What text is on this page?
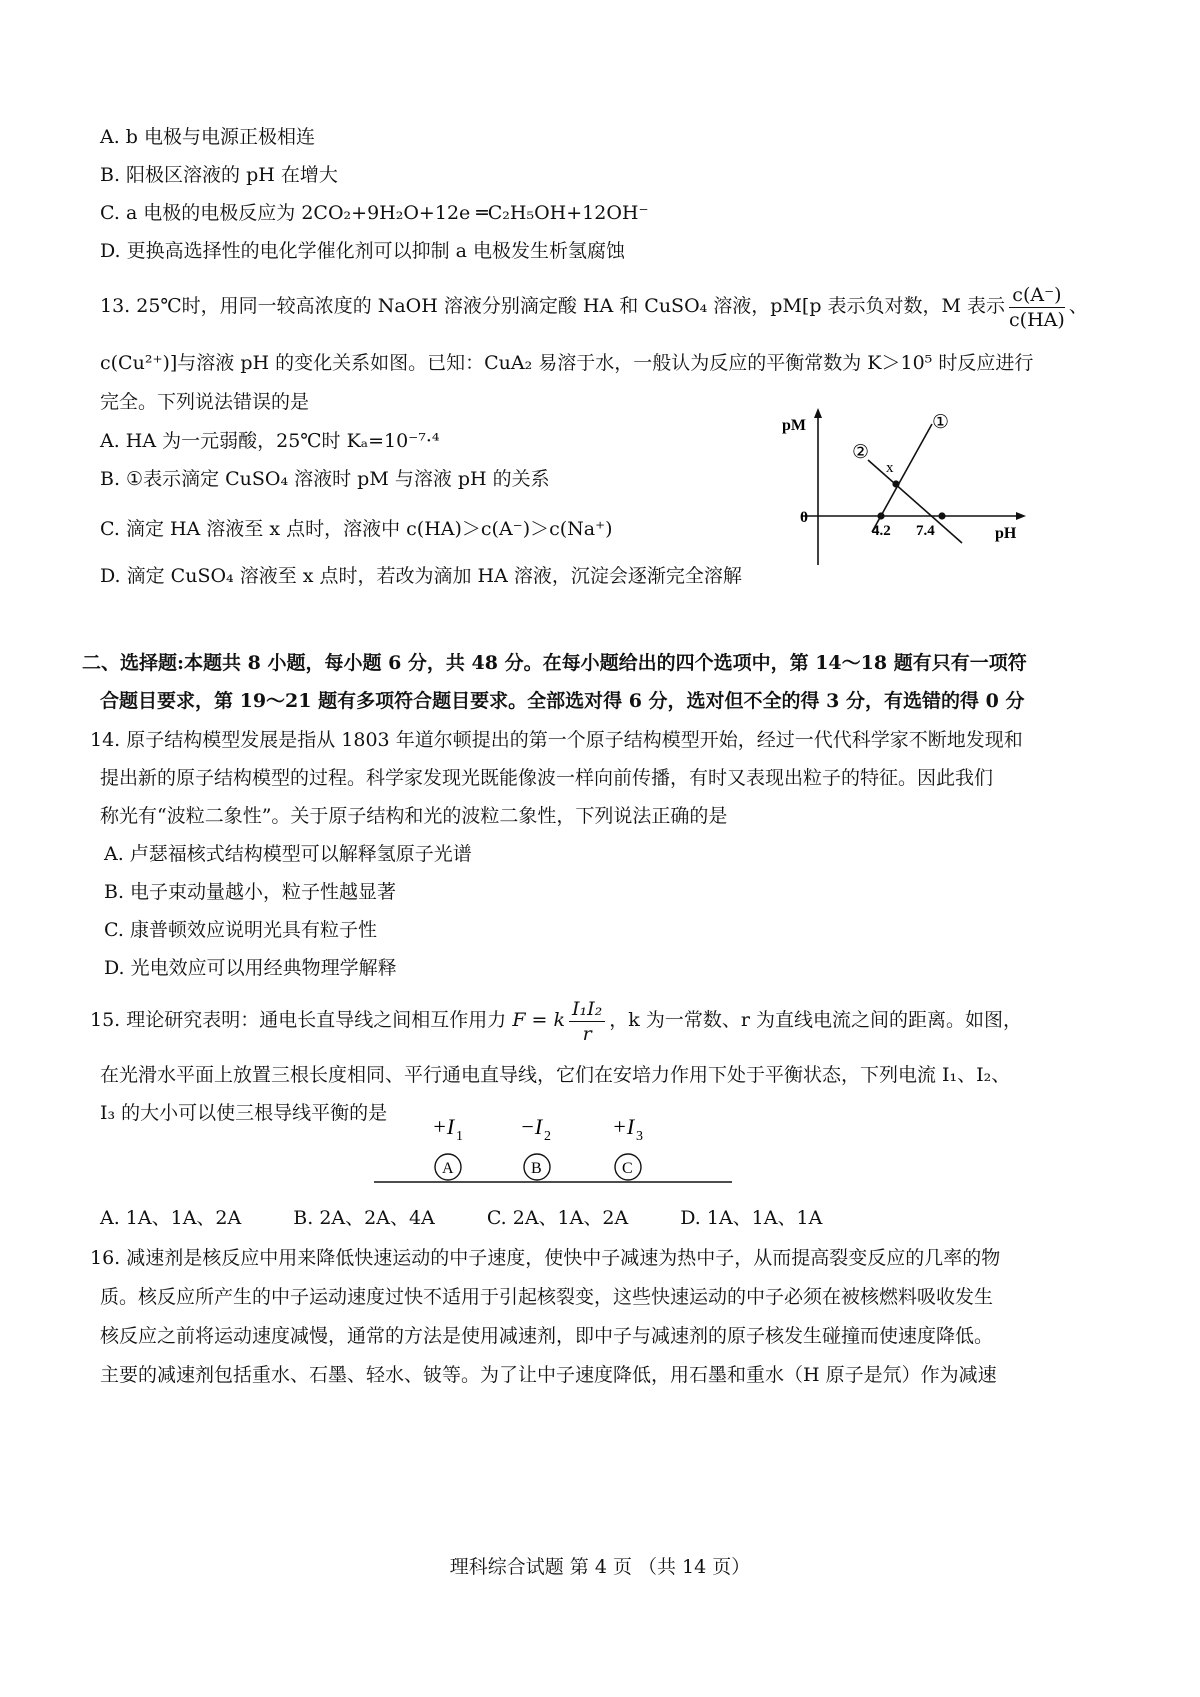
A. b 电极与电源正极相连
B. 阳极区溶液的 pH 在增大
C. a 电极的电极反应为 2CO₂+9H₂O+12e ═C₂H₅OH+12OH⁻
D. 更换高选择性的电化学催化剂可以抑制 a 电极发生析氢腐蚀
13. 25℃时，用同一较高浓度的 NaOH 溶液分别滴定酸 HA 和 CuSO₄ 溶液，pM[p 表示负对数，M 表示 $\frac{c(A^-)}{c(HA)}$ 、
c(Cu²⁺)]与溶液 pH 的变化关系如图。已知：CuA₂ 易溶于水，一般认为反应的平衡常数为 K＞10⁵ 时反应进行
完全。下列说法错误的是
A. HA 为一元弱酸，25℃时 Kₐ=10⁻⁷·⁴
B. ①表示滴定 CuSO₄ 溶液时 pM 与溶液 pH 的关系
C. 滴定 HA 溶液至 x 点时，溶液中 c(HA)＞c(A⁻)＞c(Na⁺)
D. 滴定 CuSO₄ 溶液至 x 点时，若改为滴加 HA 溶液，沉淀会逐渐完全溶解
pM
pH
0
x
4.2 7.4
①
②
二、选择题:本题共 8 小题，每小题 6 分，共 48 分。在每小题给出的四个选项中，第 14～18 题有只有一项符
合题目要求，第 19～21 题有多项符合题目要求。全部选对得 6 分，选对但不全的得 3 分，有选错的得 0 分
14. 原子结构模型发展是指从 1803 年道尔顿提出的第一个原子结构模型开始，经过一代代科学家不断地发现和
提出新的原子结构模型的过程。科学家发现光既能像波一样向前传播，有时又表现出粒子的特征。因此我们
称光有“波粒二象性”。关于原子结构和光的波粒二象性，下列说法正确的是
A. 卢瑟福核式结构模型可以解释氢原子光谱
B. 电子束动量越小，粒子性越显著
C. 康普顿效应说明光具有粒子性
D. 光电效应可以用经典物理学解释
15. 理论研究表明：通电长直导线之间相互作用力 F = k $\frac{\text{I₁I₂}}{r}$ ，k 为一常数、r 为直线电流之间的距离。如图，
在光滑水平面上放置三根长度相同、平行通电直导线，它们在安培力作用下处于平衡状态，下列电流 I₁、I₂、
I₃ 的大小可以使三根导线平衡的是
+I 1
A
−I 2
B
+I 3
C
A. 1A、1A、2A	B. 2A、2A、4A	C. 2A、1A、2A	D. 1A、1A、1A
16. 减速剂是核反应中用来降低快速运动的中子速度，使快中子减速为热中子，从而提高裂变反应的几率的物
质。核反应所产生的中子运动速度过快不适用于引起核裂变，这些快速运动的中子必须在被核燃料吸收发生
核反应之前将运动速度减慢，通常的方法是使用减速剂，即中子与减速剂的原子核发生碰撞而使速度降低。
主要的减速剂包括重水、石墨、轻水、铍等。为了让中子速度降低，用石墨和重水（H 原子是氘）作为减速
理科综合试题 第 4 页 （共 14 页）
